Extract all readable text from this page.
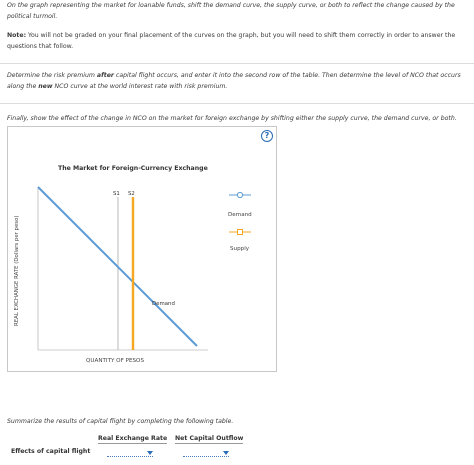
On the graph representing the market for loanable funds, shift the demand curve, the supply curve, or both to reflect the change caused by the
political turmoil.
Note: You will not be graded on your final placement of the curves on the graph, but you will need to shift them correctly in order to answer the
questions that follow.
Determine the risk premium after capital flight occurs, and enter it into the second row of the table. Then determine the level of NCO that occurs
along the new NCO curve at the world interest rate with risk premium.
Finally, show the effect of the change in NCO on the market for foreign exchange by shifting either the supply curve, the demand curve, or both.
?
The Market for Foreign-Currency Exchange
REAL EXCHANGE RATE (Dollars per peso)
QUANTITY OF PESOS
S1 S2
Demand
Demand
Supply
Summarize the results of capital flight by completing the following table.
Real Exchange Rate Net Capital Outflow
Effects of capital flight
